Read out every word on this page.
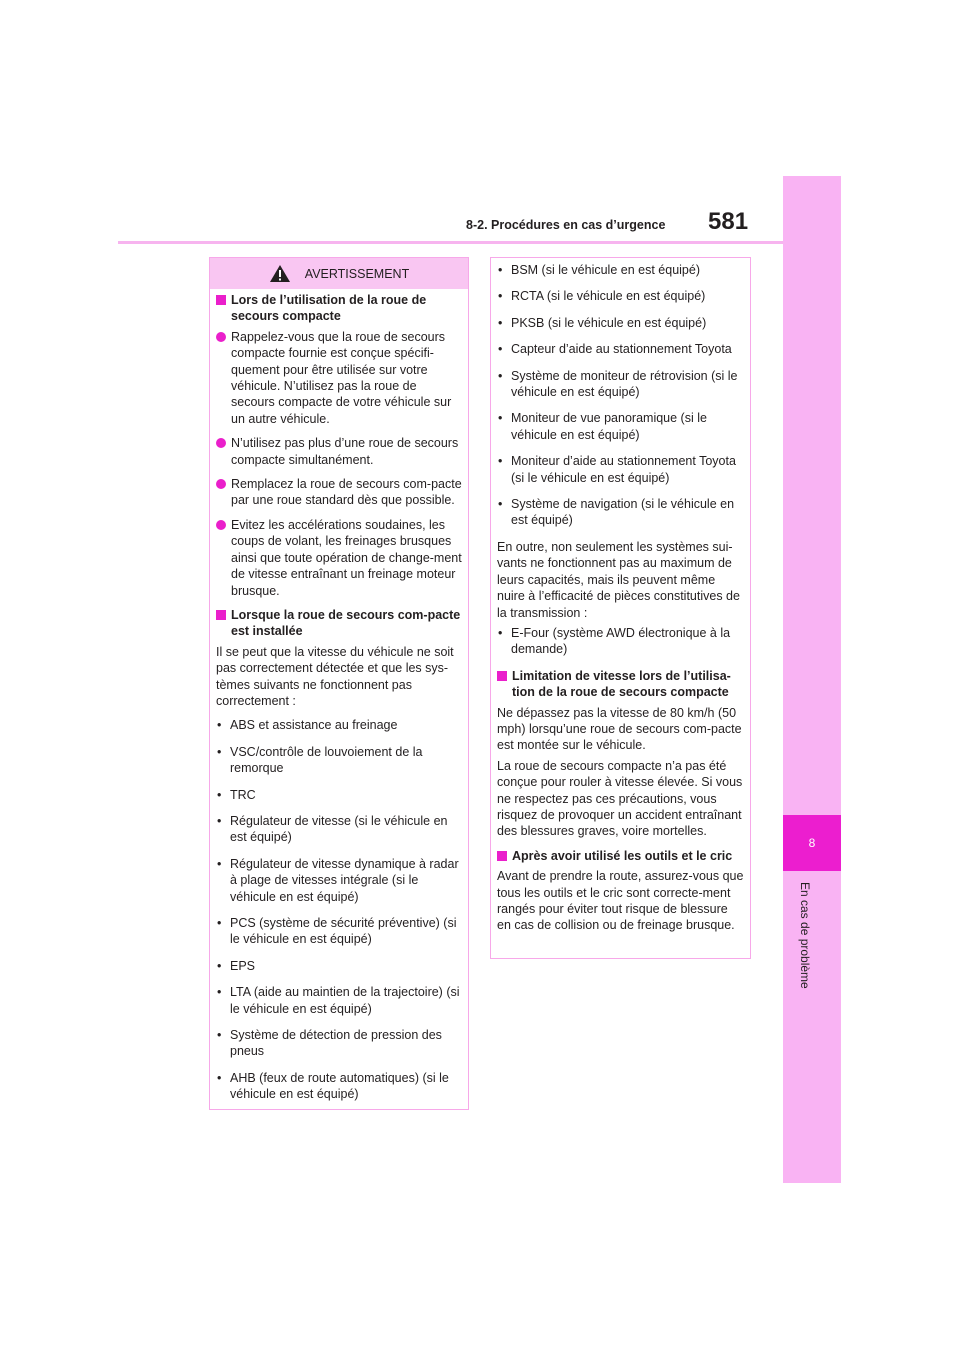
8
En cas de problème
8-2. Procédures en cas d’urgence 581
AVERTISSEMENT
Lors de l’utilisation de la roue de secours compacte
Rappelez-vous que la roue de secours compacte fournie est conçue spécifi-quement pour être utilisée sur votre véhicule. N’utilisez pas la roue de secours compacte de votre véhicule sur un autre véhicule.
N’utilisez pas plus d’une roue de secours compacte simultanément.
Remplacez la roue de secours com-pacte par une roue standard dès que possible.
Evitez les accélérations soudaines, les coups de volant, les freinages brusques ainsi que toute opération de change-ment de vitesse entraînant un freinage moteur brusque.
Lorsque la roue de secours com-pacte est installée
Il se peut que la vitesse du véhicule ne soit pas correctement détectée et que les sys-tèmes suivants ne fonctionnent pas correctement :
• ABS et assistance au freinage
• VSC/contrôle de louvoiement de la remorque
• TRC
• Régulateur de vitesse (si le véhicule en est équipé)
• Régulateur de vitesse dynamique à radar à plage de vitesses intégrale (si le véhicule en est équipé)
• PCS (système de sécurité préventive) (si le véhicule en est équipé)
• EPS
• LTA (aide au maintien de la trajectoire) (si le véhicule en est équipé)
• Système de détection de pression des pneus
• AHB (feux de route automatiques) (si le véhicule en est équipé)
• BSM (si le véhicule en est équipé)
• RCTA (si le véhicule en est équipé)
• PKSB (si le véhicule en est équipé)
• Capteur d’aide au stationnement Toyota
• Système de moniteur de rétrovision (si le véhicule en est équipé)
• Moniteur de vue panoramique (si le véhicule en est équipé)
• Moniteur d’aide au stationnement Toyota (si le véhicule en est équipé)
• Système de navigation (si le véhicule en est équipé)
En outre, non seulement les systèmes sui-vants ne fonctionnent pas au maximum de leurs capacités, mais ils peuvent même nuire à l’efficacité de pièces constitutives de la transmission :
• E-Four (système AWD électronique à la demande)
Limitation de vitesse lors de l’utilisa-tion de la roue de secours compacte
Ne dépassez pas la vitesse de 80 km/h (50 mph) lorsqu’une roue de secours com-pacte est montée sur le véhicule.
La roue de secours compacte n’a pas été conçue pour rouler à vitesse élevée. Si vous ne respectez pas ces précautions, vous risquez de provoquer un accident entraînant des blessures graves, voire mortelles.
Après avoir utilisé les outils et le cric
Avant de prendre la route, assurez-vous que tous les outils et le cric sont correcte-ment rangés pour éviter tout risque de blessure en cas de collision ou de freinage brusque.
